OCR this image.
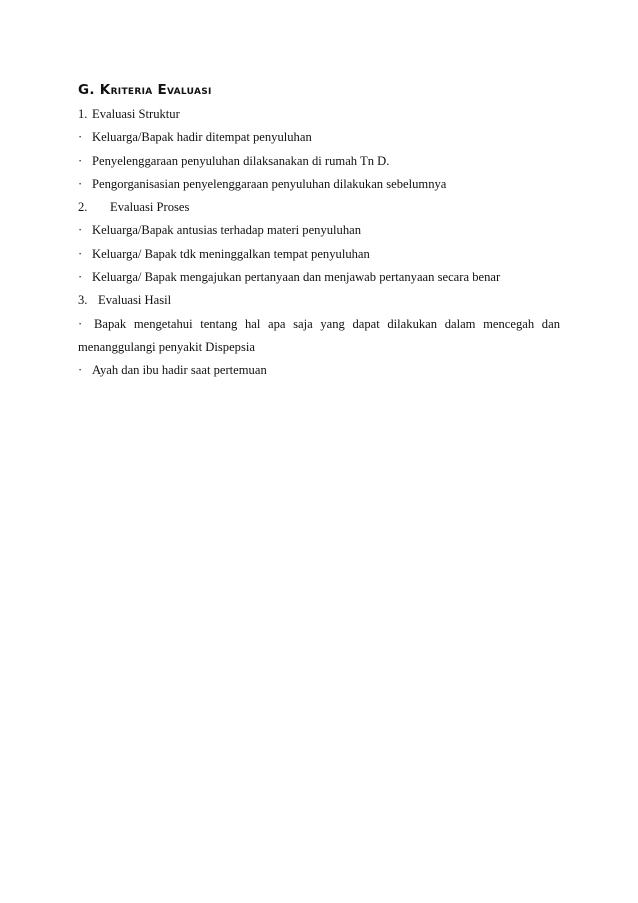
G. Kriteria Evaluasi
1. Evaluasi Struktur
· Keluarga/Bapak hadir ditempat penyuluhan
· Penyelenggaraan penyuluhan dilaksanakan di rumah Tn D.
· Pengorganisasian penyelenggaraan penyuluhan dilakukan sebelumnya
2. Evaluasi Proses
· Keluarga/Bapak antusias terhadap materi penyuluhan
· Keluarga/ Bapak tdk meninggalkan tempat penyuluhan
· Keluarga/ Bapak mengajukan pertanyaan dan menjawab pertanyaan secara benar
3. Evaluasi Hasil
· Bapak mengetahui tentang hal apa saja yang dapat dilakukan dalam mencegah dan menanggulangi penyakit Dispepsia
· Ayah dan ibu hadir saat pertemuan
